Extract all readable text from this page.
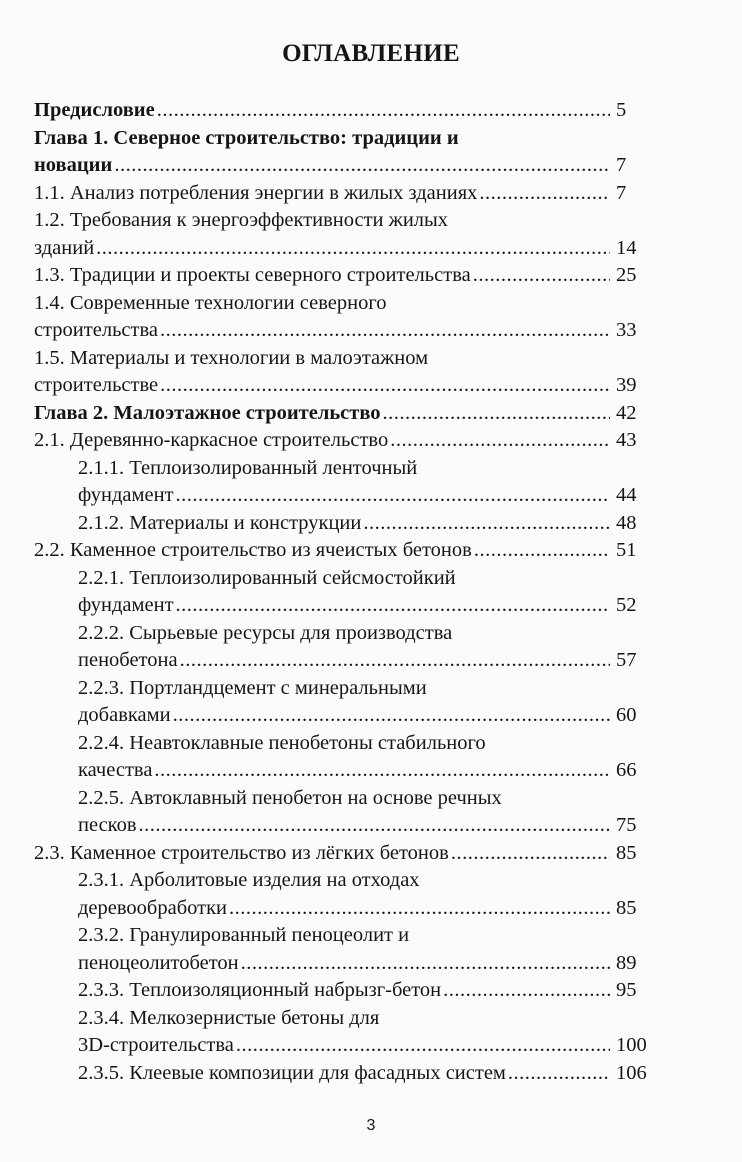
ОГЛАВЛЕНИЕ
Предисловие .....	5
Глава 1. Северное строительство: традиции и
новации .....	7
1.1. Анализ потребления энергии в жилых зданиях .....	7
1.2. Требования к энергоэффективности жилых
зданий .....	14
1.3. Традиции и проекты северного строительства .....	25
1.4. Современные технологии северного
строительства .....	33
1.5. Материалы и технологии в малоэтажном
строительстве .....	39
Глава 2. Малоэтажное строительство .....	42
2.1. Деревянно-каркасное строительство .....	43
2.1.1. Теплоизолированный ленточный
фундамент .....	44
2.1.2. Материалы и конструкции .....	48
2.2. Каменное строительство из ячеистых бетонов .....	51
2.2.1. Теплоизолированный сейсмостойкий
фундамент .....	52
2.2.2. Сырьевые ресурсы для производства
пенобетона .....	57
2.2.3. Портландцемент с минеральными
добавками .....	60
2.2.4. Неавтоклавные пенобетоны стабильного
качества .....	66
2.2.5. Автоклавный пенобетон на основе речных
песков .....	75
2.3. Каменное строительство из лёгких бетонов .....	85
2.3.1. Арболитовые изделия на отходах
деревообработки .....	85
2.3.2. Гранулированный пеноцеолит и
пеноцеолитобетон .....	89
2.3.3. Теплоизоляционный набрызг-бетон .....	95
2.3.4. Мелкозернистые бетоны для
3D-строительства .....	100
2.3.5. Клеевые композиции для фасадных систем .....	106
3
